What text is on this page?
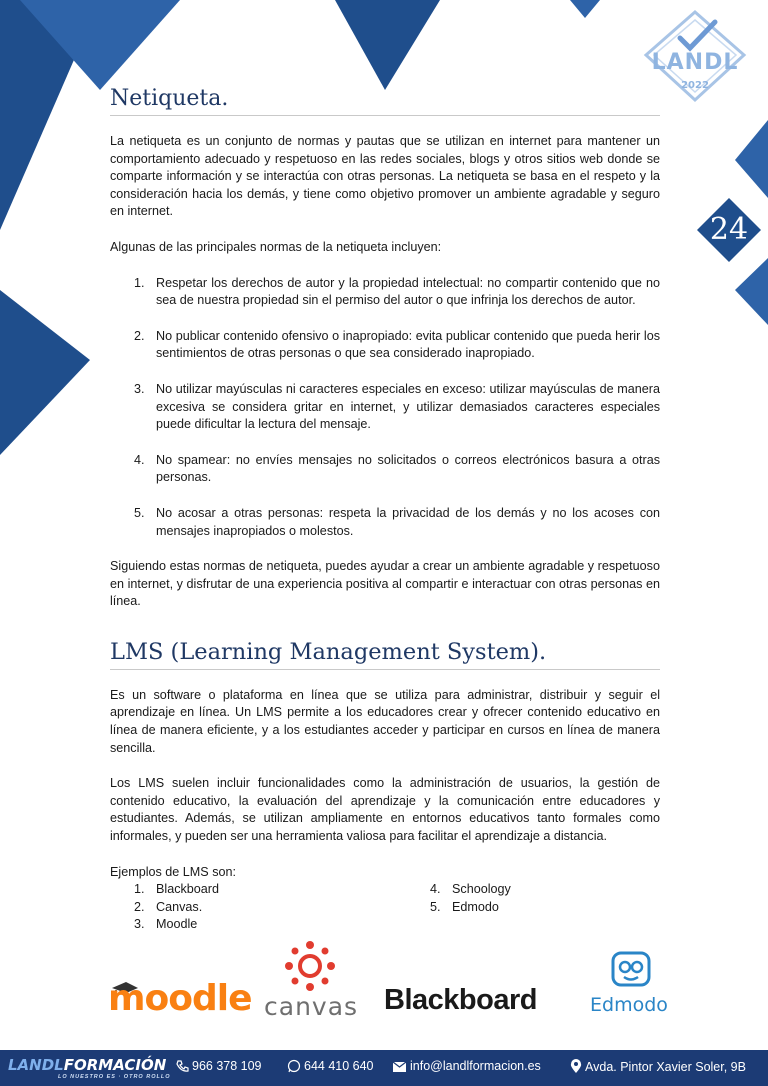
LANDL
2022
24
Netiqueta.

La netiqueta es un conjunto de normas y pautas que se utilizan en internet para mantener un comportamiento adecuado y respetuoso en las redes sociales, blogs y otros sitios web donde se comparte información y se interactúa con otras personas. La netiqueta se basa en el respeto y la consideración hacia los demás, y tiene como objetivo promover un ambiente agradable y seguro en internet.

Algunas de las principales normas de la netiqueta incluyen:

1. Respetar los derechos de autor y la propiedad intelectual: no compartir contenido que no sea de nuestra propiedad sin el permiso del autor o que infrinja los derechos de autor.
2. No publicar contenido ofensivo o inapropiado: evita publicar contenido que pueda herir los sentimientos de otras personas o que sea considerado inapropiado.
3. No utilizar mayúsculas ni caracteres especiales en exceso: utilizar mayúsculas de manera excesiva se considera gritar en internet, y utilizar demasiados caracteres especiales puede dificultar la lectura del mensaje.
4. No spamear: no envíes mensajes no solicitados o correos electrónicos basura a otras personas.
5. No acosar a otras personas: respeta la privacidad de los demás y no los acoses con mensajes inapropiados o molestos.

Siguiendo estas normas de netiqueta, puedes ayudar a crear un ambiente agradable y respetuoso en internet, y disfrutar de una experiencia positiva al compartir e interactuar con otras personas en línea.

LMS (Learning Management System).

Es un software o plataforma en línea que se utiliza para administrar, distribuir y seguir el aprendizaje en línea. Un LMS permite a los educadores crear y ofrecer contenido educativo en línea de manera eficiente, y a los estudiantes acceder y participar en cursos en línea de manera sencilla.

Los LMS suelen incluir funcionalidades como la administración de usuarios, la gestión de contenido educativo, la evaluación del aprendizaje y la comunicación entre educadores y estudiantes. Además, se utilizan ampliamente en entornos educativos tanto formales como informales, y pueden ser una herramienta valiosa para facilitar el aprendizaje a distancia.

Ejemplos de LMS son:

1. Blackboard
2. Canvas.
3. Moodle
4. Schoology
5. Edmodo
moodle canvas Blackboard	Edmodo
LANDLFORMACIÓN
LO NUESTRO ES · OTRO ROLLO
966 378 109	644 410 640	info@landlformacion.es	Avda. Pintor Xavier Soler, 9B
